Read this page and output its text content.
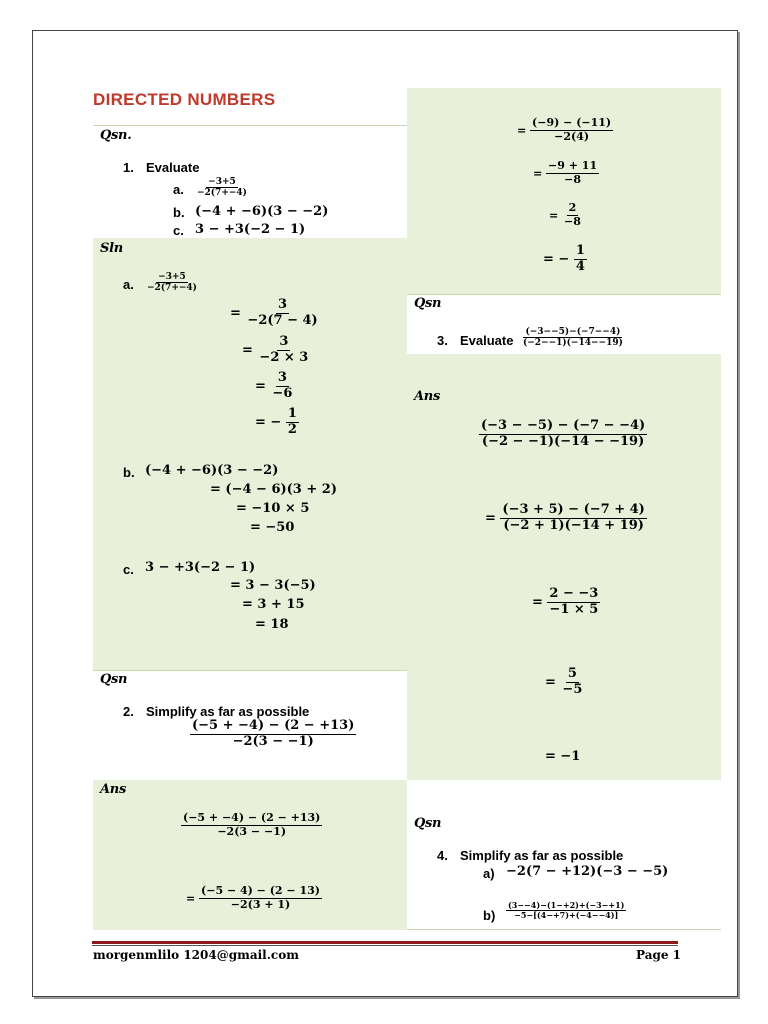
DIRECTED NUMBERS
Qsn.
1. Evaluate
a. $\frac{-3+5}{-2(7+-4)}$
b. (−4 + −6)(3 − −2)
c. 3 − +3(−2 − 1)
Sln
a. $\frac{-3+5}{-2(7+-4)}$
= $\frac{3}{-2(7 - 4)}$
= $\frac{3}{-2 \times 3}$
= $\frac{3}{-6}$
= − $\frac{1}{2}$
b. (−4 + −6)(3 − −2)
= (−4 − 6)(3 + 2)
= −10 × 5
= −50
c. 3 − +3(−2 − 1)
= 3 − 3(−5)
= 3 + 15
= 18
Qsn
2. Simplify as far as possible
$\frac{(-5 + -4) - (2 - +13)}{-2(3 - -1)}$
Ans
$\frac{(-5 + -4) - (2 - +13)}{-2(3 - -1)}$
= $\frac{(-5 - 4) - (2 - 13)}{-2(3 + 1)}$
= $\frac{(-9) - (-11)}{-2(4)}$
= $\frac{-9 + 11}{-8}$
= $\frac{2}{-8}$
= − $\frac{1}{4}$
Qsn
3. Evaluate $\frac{(-3--5)-(-7--4)}{(-2--1)(-14--19)}$
Ans
$\frac{(-3 - -5) - (-7 - -4)}{(-2 - -1)(-14 - -19)}$
= $\frac{(-3 + 5) - (-7 + 4)}{(-2 + 1)(-14 + 19)}$
= $\frac{2 - -3}{-1 \times 5}$
= $\frac{5}{-5}$
= −1
Qsn
4. Simplify as far as possible
a) −2(7 − +12)(−3 − −5)
$b) \frac{(3--4)-(1-+2)+(-3-+1)}{-5-[(4-+7)+(-4--4)]}$
morgenmlilo 1204@gmail.com	Page 1
